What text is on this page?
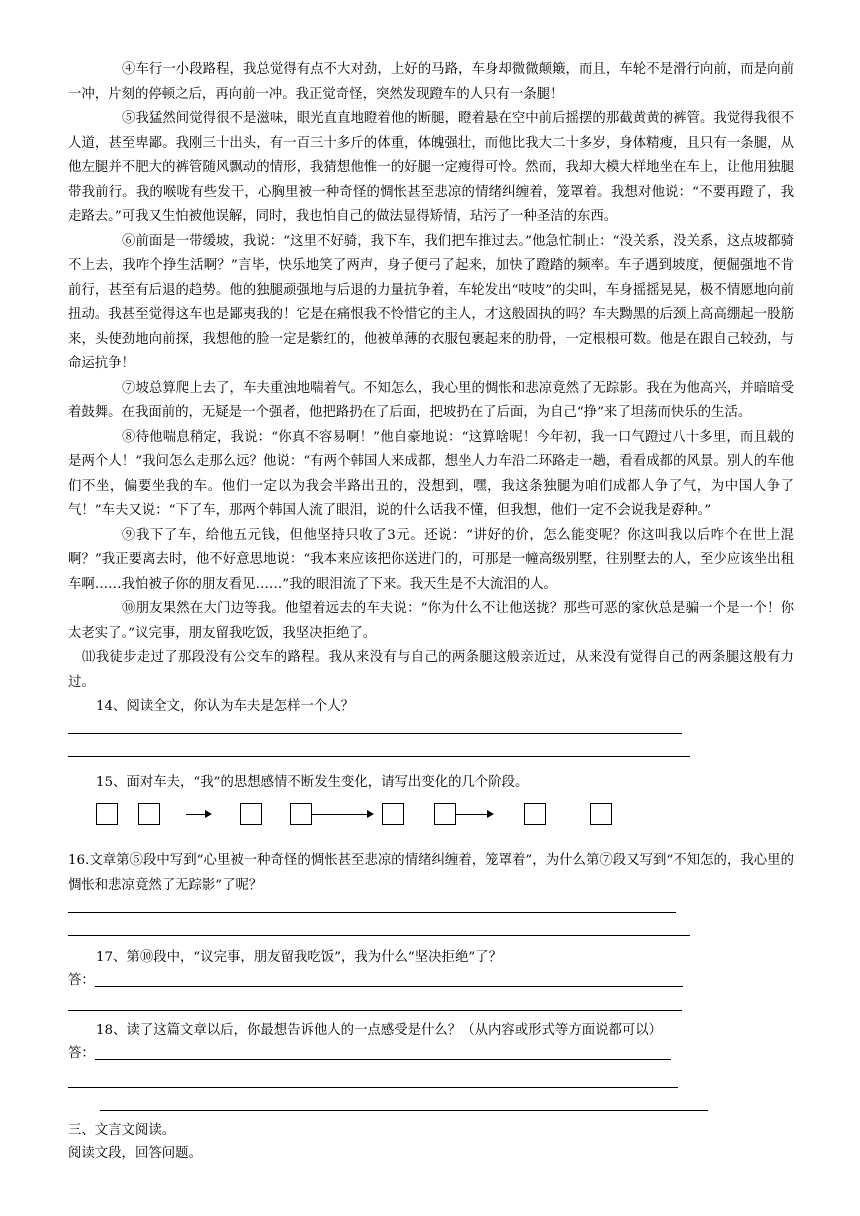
④车行一小段路程，我总觉得有点不大对劲，上好的马路，车身却微微颠簸，而且，车轮不是滑行向前，而是向前一冲，片刻的停顿之后，再向前一冲。我正觉奇怪，突然发现蹬车的人只有一条腿！

⑤我猛然间觉得很不是滋味，眼光直直地瞪着他的断腿，瞪着悬在空中前后摇摆的那截黄黄的裤管。我觉得我很不人道，甚至卑鄙。我刚三十出头，有一百三十多斤的体重，体魄强壮，而他比我大二十多岁，身体精瘦，且只有一条腿，从他左腿并不肥大的裤管随风飘动的情形，我猜想他惟一的好腿一定瘦得可怜。然而，我却大模大样地坐在车上，让他用独腿带我前行。我的喉咙有些发干，心胸里被一种奇怪的惆怅甚至悲凉的情绪纠缠着，笼罩着。我想对他说：“不要再蹬了，我走路去。”可我又生怕被他误解，同时，我也怕自己的做法显得矫情，玷污了一种圣洁的东西。

⑥前面是一带缓坡，我说：“这里不好骑，我下车，我们把车推过去。”他急忙制止：“没关系，没关系，这点坡都骑不上去，我咋个挣生活啊？”言毕，快乐地笑了两声，身子便弓了起来，加快了蹬踏的频率。车子遇到坡度，便倔强地不肯前行，甚至有后退的趋势。他的独腿顽强地与后退的力量抗争着，车轮发出“吱吱”的尖叫，车身摇摇晃晃，极不情愿地向前扭动。我甚至觉得这车也是鄙夷我的！它是在痛恨我不怜惜它的主人，才这般固执的吗？车夫黝黑的后颈上高高绷起一股筋来，头使劲地向前探，我想他的脸一定是紫红的，他被单薄的衣服包裹起来的肋骨，一定根根可数。他是在跟自己较劲，与命运抗争！

⑦坡总算爬上去了，车夫重浊地喘着气。不知怎么，我心里的惆怅和悲凉竟然了无踪影。我在为他高兴，并暗暗受着鼓舞。在我面前的，无疑是一个强者，他把路扔在了后面，把坡扔在了后面，为自己“挣”来了坦荡而快乐的生活。

⑧待他喘息稍定，我说：“你真不容易啊！”他自豪地说：“这算啥呢！今年初，我一口气蹬过八十多里，而且载的是两个人！”我问怎么走那么远？他说：“有两个韩国人来成都，想坐人力车沿二环路走一趟，看看成都的风景。别人的车他们不坐，偏要坐我的车。他们一定以为我会半路出丑的，没想到，嘿，我这条独腿为咱们成都人争了气，为中国人争了气！”车夫又说：“下了车，那两个韩国人流了眼泪，说的什么话我不懂，但我想，他们一定不会说我是孬种。”

⑨我下了车，给他五元钱，但他坚持只收了3元。还说：“讲好的价，怎么能变呢？你这叫我以后咋个在世上混啊？”我正要离去时，他不好意思地说：“我本来应该把你送进门的，可那是一幢高级别墅，往别墅去的人，至少应该坐出租车啊……我怕被子你的朋友看见……”我的眼泪流了下来。我天生是不大流泪的人。

⑩朋友果然在大门边等我。他望着远去的车夫说：“你为什么不让他送拢？那些可恶的家伙总是骗一个是一个！你太老实了。”议完事，朋友留我吃饭，我坚决拒绝了。

⑾我徒步走过了那段没有公交车的路程。我从来没有与自己的两条腿这般亲近过，从来没有觉得自己的两条腿这般有力过。

14、阅读全文，你认为车夫是怎样一个人？

15、面对车夫，“我”的思想感情不断发生变化，请写出变化的几个阶段。

16.文章第⑤段中写到“心里被一种奇怪的惆怅甚至悲凉的情绪纠缠着，笼罩着”，为什么第⑦段又写到“不知怎的，我心里的惆怅和悲凉竟然了无踪影”了呢？

17、第⑩段中，“议完事，朋友留我吃饭”，我为什么“坚决拒绝”了？

答：

18、读了这篇文章以后，你最想告诉他人的一点感受是什么？（从内容或形式等方面说都可以）

答：

三、文言文阅读。

阅读文段，回答问题。
